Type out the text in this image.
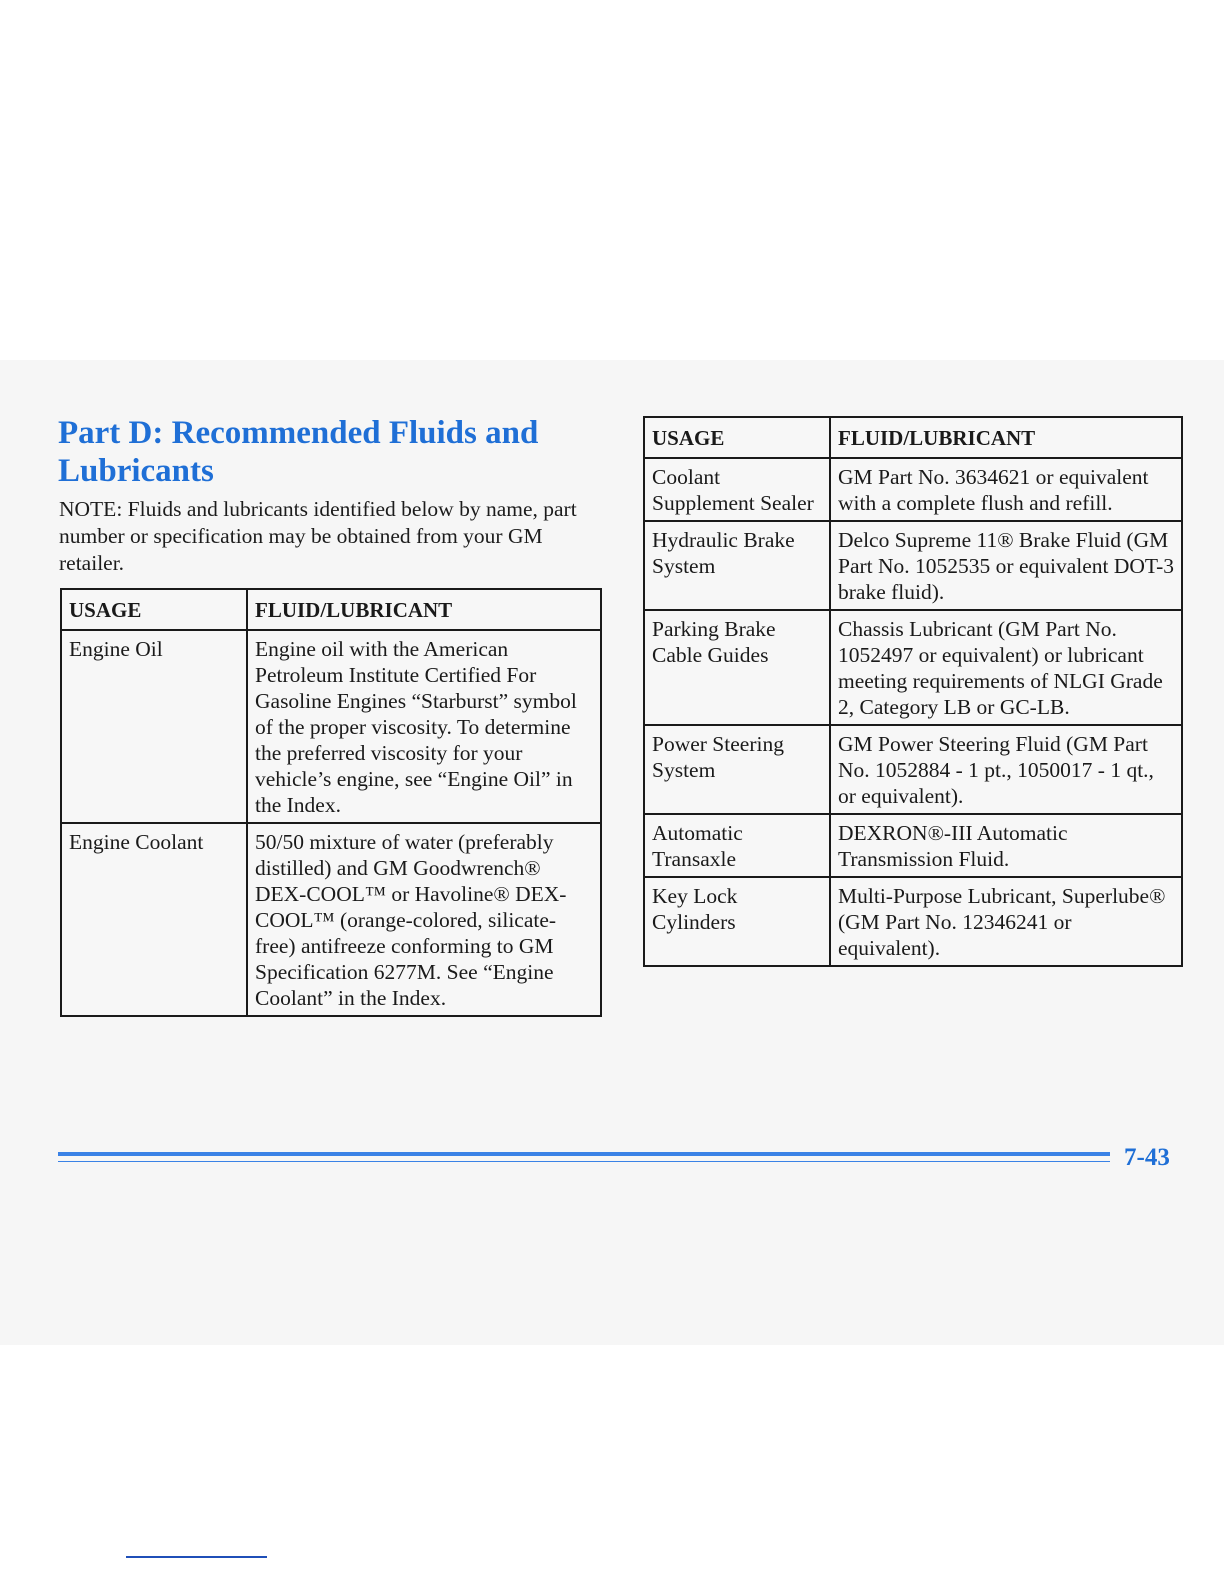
Part D: Recommended Fluids and Lubricants

NOTE: Fluids and lubricants identified below by name, part number or specification may be obtained from your GM retailer.

USAGE	FLUID/LUBRICANT
Engine Oil	Engine oil with the American Petroleum Institute Certified For Gasoline Engines “Starburst” symbol of the proper viscosity. To determine the preferred viscosity for your vehicle’s engine, see “Engine Oil” in the Index.
Engine Coolant	50/50 mixture of water (preferably distilled) and GM Goodwrench® DEX-COOL™ or Havoline® DEX-COOL™ (orange-colored, silicate-free) antifreeze conforming to GM Specification 6277M. See “Engine Coolant” in the Index.
USAGE	FLUID/LUBRICANT
Coolant Supplement Sealer	GM Part No. 3634621 or equivalent with a complete flush and refill.
Hydraulic Brake System	Delco Supreme 11® Brake Fluid (GM Part No. 1052535 or equivalent DOT-3 brake fluid).
Parking Brake Cable Guides	Chassis Lubricant (GM Part No. 1052497 or equivalent) or lubricant meeting requirements of NLGI Grade 2, Category LB or GC-LB.
Power Steering System	GM Power Steering Fluid (GM Part No. 1052884 - 1 pt., 1050017 - 1 qt., or equivalent).
Automatic Transaxle	DEXRON®-III Automatic Transmission Fluid.
Key Lock Cylinders	Multi-Purpose Lubricant, Superlube® (GM Part No. 12346241 or equivalent).

7-43
